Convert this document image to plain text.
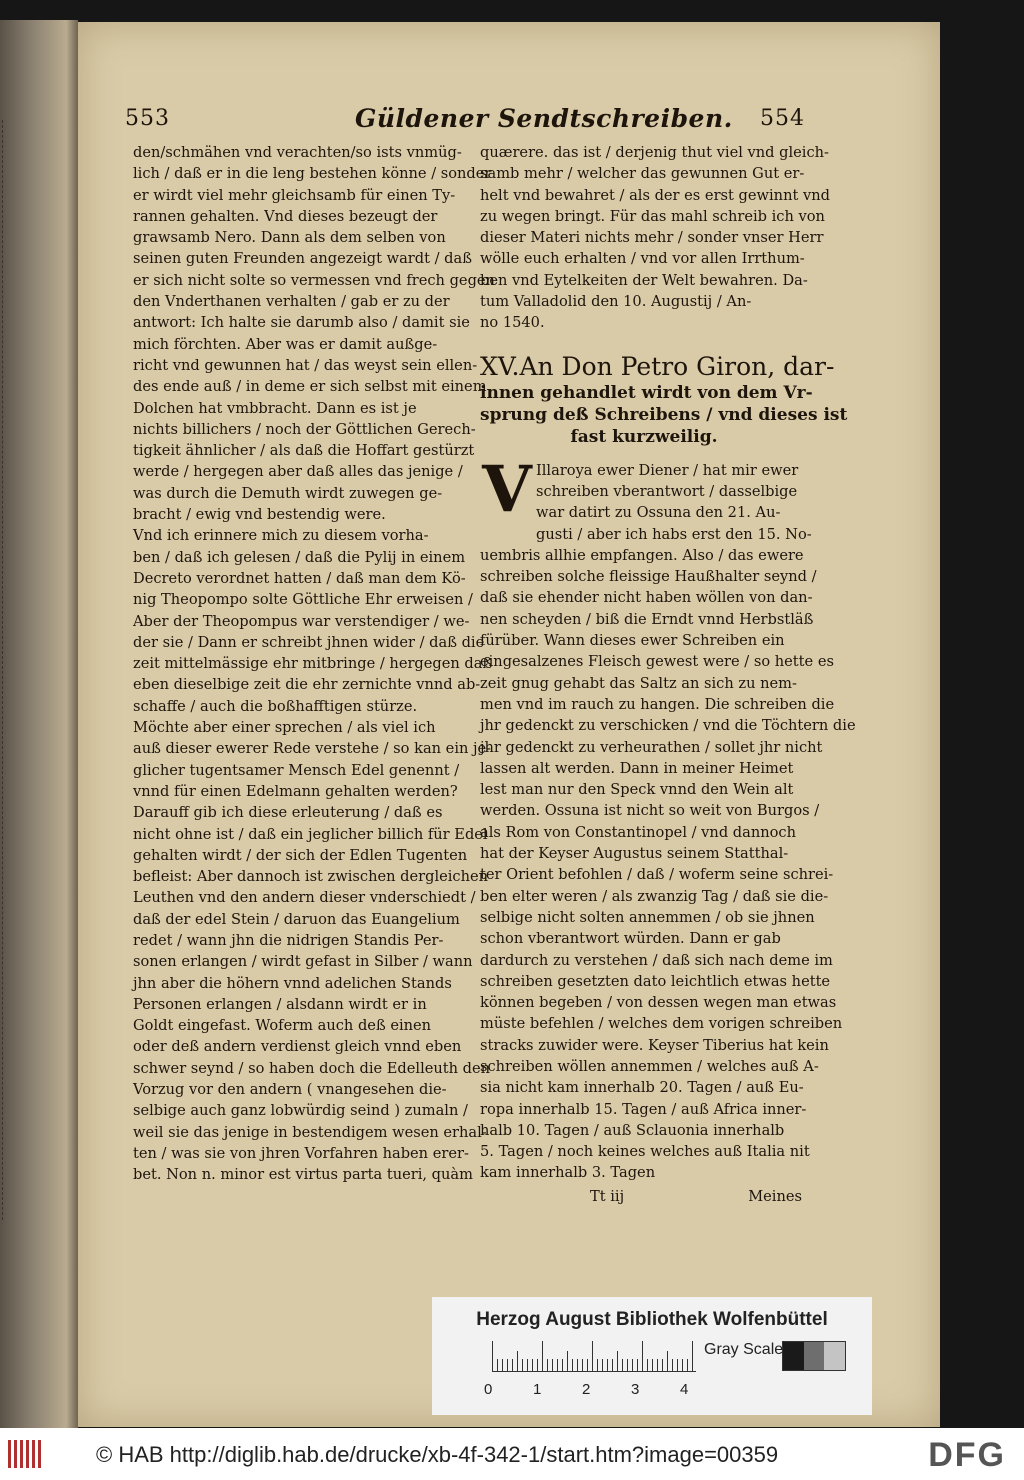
553	Güldener Sendtschreiben. 554
den/schmähen vnd verachten/so ists vnmüg-
lich / daß er in die leng bestehen könne / sonder
er wirdt viel mehr gleichsamb für einen Ty-
rannen gehalten. Vnd dieses bezeugt der
grawsamb Nero. Dann als dem selben von
seinen guten Freunden angezeigt wardt / daß
er sich nicht solte so vermessen vnd frech gegen
den Vnderthanen verhalten / gab er zu der
antwort: Ich halte sie darumb also / damit sie
mich förchten. Aber was er damit außge-
richt vnd gewunnen hat / das weyst sein ellen-
des ende auß / in deme er sich selbst mit einem
Dolchen hat vmbbracht. Dann es ist je
nichts billichers / noch der Göttlichen Gerech-
tigkeit ähnlicher / als daß die Hoffart gestürzt
werde / hergegen aber daß alles das jenige /
was durch die Demuth wirdt zuwegen ge-
bracht / ewig vnd bestendig were.
Vnd ich erinnere mich zu diesem vorha-
ben / daß ich gelesen / daß die Pylij in einem
Decreto verordnet hatten / daß man dem Kö-
nig Theopompo solte Göttliche Ehr erweisen /
Aber der Theopompus war verstendiger / we-
der sie / Dann er schreibt jhnen wider / daß die
zeit mittelmässige ehr mitbringe / hergegen daß
eben dieselbige zeit die ehr zernichte vnnd ab-
schaffe / auch die boßhafftigen stürze.
Möchte aber einer sprechen / als viel ich
auß dieser ewerer Rede verstehe / so kan ein je-
glicher tugentsamer Mensch Edel genennt /
vnnd für einen Edelmann gehalten werden?
Darauff gib ich diese erleuterung / daß es
nicht ohne ist / daß ein jeglicher billich für Edel
gehalten wirdt / der sich der Edlen Tugenten
befleist: Aber dannoch ist zwischen dergleichen
Leuthen vnd den andern dieser vnderschiedt /
daß der edel Stein / daruon das Euangelium
redet / wann jhn die nidrigen Standis Per-
sonen erlangen / wirdt gefast in Silber / wann
jhn aber die höhern vnnd adelichen Stands
Personen erlangen / alsdann wirdt er in
Goldt eingefast. Woferm auch deß einen
oder deß andern verdienst gleich vnnd eben
schwer seynd / so haben doch die Edelleuth den
Vorzug vor den andern ( vnangesehen die-
selbige auch ganz lobwürdig seind ) zumaln /
weil sie das jenige in bestendigem wesen erhal-
ten / was sie von jhren Vorfahren haben erer-
bet. Non n. minor est virtus parta tueri, quàm
quærere. das ist / derjenig thut viel vnd gleich-
samb mehr / welcher das gewunnen Gut er-
helt vnd bewahret / als der es erst gewinnt vnd
zu wegen bringt. Für das mahl schreib ich von
dieser Materi nichts mehr / sonder vnser Herr
wölle euch erhalten / vnd vor allen Irrthum-
ben vnd Eytelkeiten der Welt bewahren. Da-
tum Valladolid den 10. Augustij / An-
no 1540.
XV.An Don Petro Giron, dar-
innen gehandlet wirdt von dem Vr-
sprung deß Schreibens / vnd dieses ist
fast kurzweilig.
V Illaroya ewer Diener / hat mir ewer
schreiben vberantwort / dasselbige
war datirt zu Ossuna den 21. Au-
gusti / aber ich habs erst den 15. No-
uembris allhie empfangen. Also / das ewere
schreiben solche fleissige Haußhalter seynd /
daß sie ehender nicht haben wöllen von dan-
nen scheyden / biß die Erndt vnnd Herbstläß
fürüber. Wann dieses ewer Schreiben ein
eingesalzenes Fleisch gewest were / so hette es
zeit gnug gehabt das Saltz an sich zu nem-
men vnd im rauch zu hangen. Die schreiben die
jhr gedenckt zu verschicken / vnd die Töchtern die
jhr gedenckt zu verheurathen / sollet jhr nicht
lassen alt werden. Dann in meiner Heimet
lest man nur den Speck vnnd den Wein alt
werden. Ossuna ist nicht so weit von Burgos /
als Rom von Constantinopel / vnd dannoch
hat der Keyser Augustus seinem Statthal-
ter Orient befohlen / daß / woferm seine schrei-
ben elter weren / als zwanzig Tag / daß sie die-
selbige nicht solten annemmen / ob sie jhnen
schon vberantwort würden. Dann er gab
dardurch zu verstehen / daß sich nach deme im
schreiben gesetzten dato leichtlich etwas hette
können begeben / von dessen wegen man etwas
müste befehlen / welches dem vorigen schreiben
stracks zuwider were. Keyser Tiberius hat kein
schreiben wöllen annemmen / welches auß A-
sia nicht kam innerhalb 20. Tagen / auß Eu-
ropa innerhalb 15. Tagen / auß Africa inner-
halb 10. Tagen / auß Sclauonia innerhalb
5. Tagen / noch keines welches auß Italia nit
kam innerhalb 3. Tagen
Tt iij	Meines
Herzog August Bibliothek Wolfenbüttel
0	1	2	3	4
Gray Scale
© HAB http://diglib.hab.de/drucke/xb-4f-342-1/start.htm?image=00359	DFG
